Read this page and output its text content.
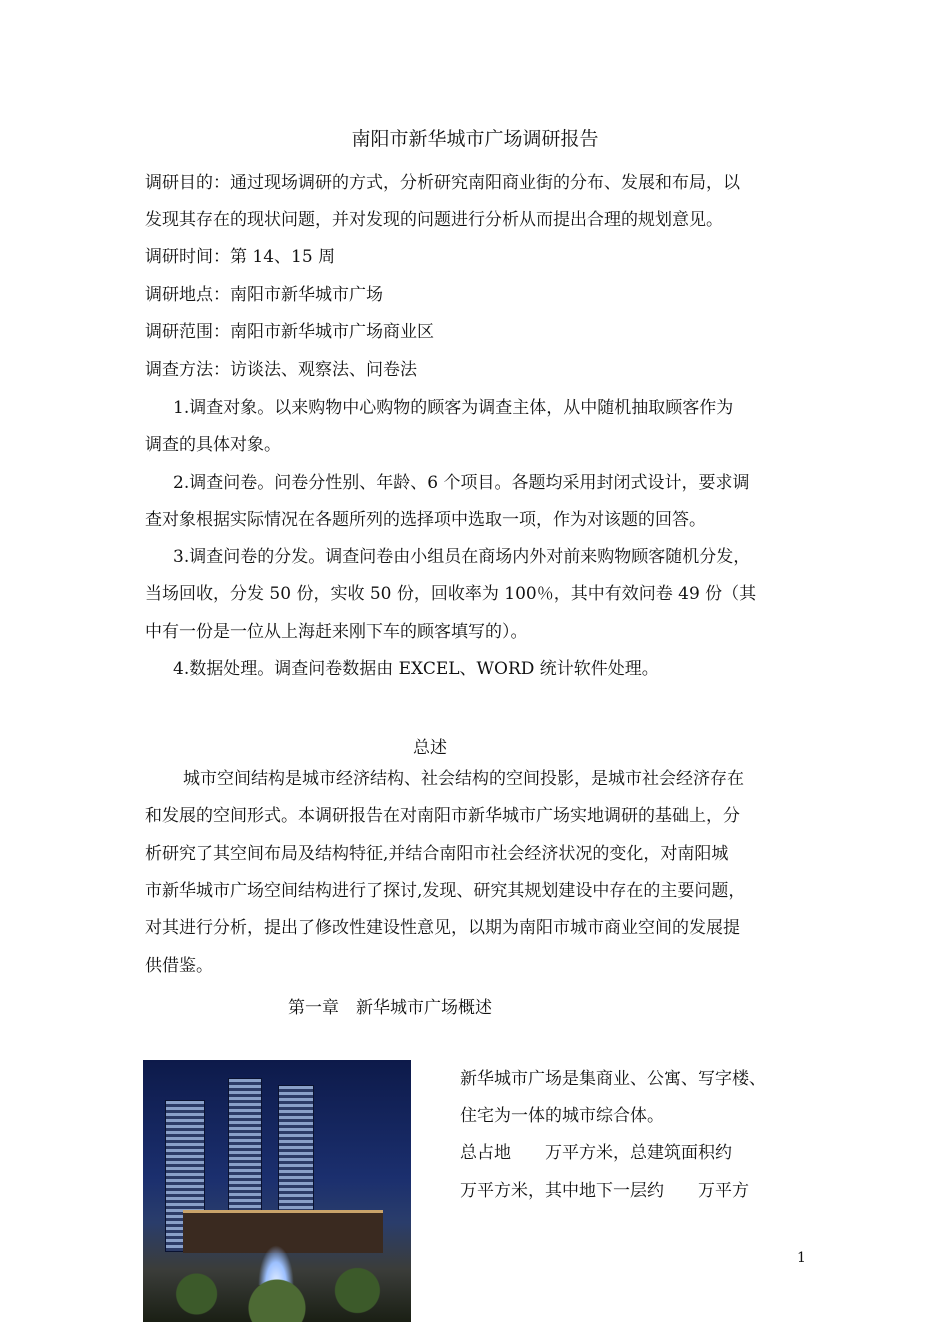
南阳市新华城市广场调研报告
调研目的：通过现场调研的方式，分析研究南阳商业街的分布、发展和布局，以
发现其存在的现状问题，并对发现的问题进行分析从而提出合理的规划意见。
调研时间：第 14、15 周
调研地点：南阳市新华城市广场
调研范围：南阳市新华城市广场商业区
调查方法：访谈法、观察法、问卷法
1.调查对象。以来购物中心购物的顾客为调查主体，从中随机抽取顾客作为
调查的具体对象。
2.调查问卷。问卷分性别、年龄、6 个项目。各题均采用封闭式设计，要求调
查对象根据实际情况在各题所列的选择项中选取一项，作为对该题的回答。
3.调查问卷的分发。调查问卷由小组员在商场内外对前来购物顾客随机分发，
当场回收，分发 50 份，实收 50 份，回收率为 100％，其中有效问卷 49 份（其
中有一份是一位从上海赶来刚下车的顾客填写的）。
4.数据处理。调查问卷数据由 EXCEL、WORD 统计软件处理。
总述
城市空间结构是城市经济结构、社会结构的空间投影，是城市社会经济存在
和发展的空间形式。本调研报告在对南阳市新华城市广场实地调研的基础上，分
析研究了其空间布局及结构特征,并结合南阳市社会经济状况的变化，对南阳城
市新华城市广场空间结构进行了探讨,发现、研究其规划建设中存在的主要问题，
对其进行分析，提出了修改性建设性意见，以期为南阳市城市商业空间的发展提
供借鉴。
第一章　新华城市广场概述
新华城市广场是集商业、公寓、写字楼、
住宅为一体的城市综合体。
总占地　　万平方米，总建筑面积约
万平方米，其中地下一层约　　万平方
1
